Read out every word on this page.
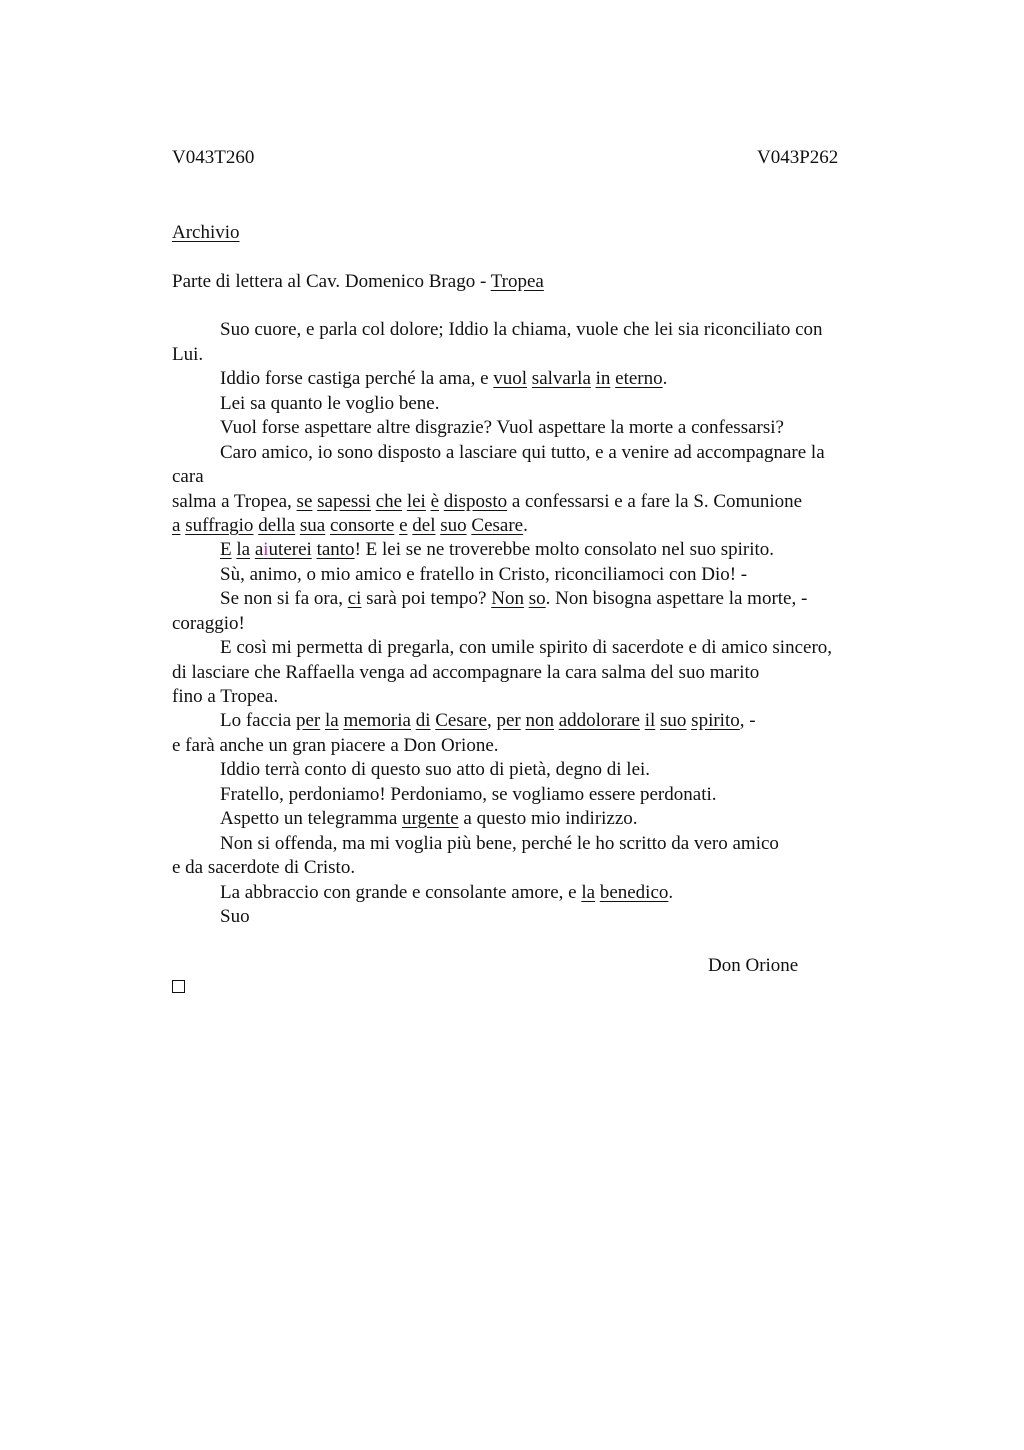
V043T260	V043P262
Archivio
Parte di lettera al Cav. Domenico Brago - Tropea
Suo cuore, e parla col dolore; Iddio la chiama, vuole che lei sia riconciliato con
Lui.
Iddio forse castiga perché la ama, e vuol salvarla in eterno.
Lei sa quanto le voglio bene.
Vuol forse aspettare altre disgrazie? Vuol aspettare la morte a confessarsi?
Caro amico, io sono disposto a lasciare qui tutto, e a venire ad accompagnare la
cara
salma a Tropea, se sapessi che lei è disposto a confessarsi e a fare la S. Comunione
a suffragio della sua consorte e del suo Cesare.
E la aiuterei tanto! E lei se ne troverebbe molto consolato nel suo spirito.
Sù, animo, o mio amico e fratello in Cristo, riconciliamoci con Dio! -
Se non si fa ora, ci sarà poi tempo? Non so. Non bisogna aspettare la morte, -
coraggio!
E così mi permetta di pregarla, con umile spirito di sacerdote e di amico sincero,
di lasciare che Raffaella venga ad accompagnare la cara salma del suo marito
fino a Tropea.
Lo faccia per la memoria di Cesare, per non addolorare il suo spirito, -
e farà anche un gran piacere a Don Orione.
Iddio terrà conto di questo suo atto di pietà, degno di lei.
Fratello, perdoniamo! Perdoniamo, se vogliamo essere perdonati.
Aspetto un telegramma urgente a questo mio indirizzo.
Non si offenda, ma mi voglia più bene, perché le ho scritto da vero amico
e da sacerdote di Cristo.
La abbraccio con grande e consolante amore, e la benedico.
Suo
Don Orione
